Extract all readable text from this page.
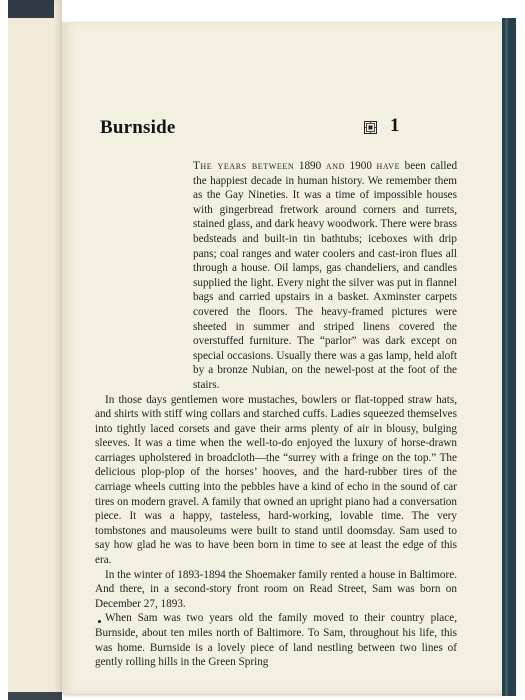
Burnside	1

The years between 1890 and 1900 have been called the happiest decade in human history. We remember them as the Gay Nineties. It was a time of impossible houses with gingerbread fretwork around corners and turrets, stained glass, and dark heavy woodwork. There were brass bedsteads and built-in tin bathtubs; iceboxes with drip pans; coal ranges and water coolers and cast-iron flues all through a house. Oil lamps, gas chandeliers, and candles supplied the light. Every night the silver was put in flannel bags and carried upstairs in a basket. Axminster carpets covered the floors. The heavy-framed pictures were sheeted in summer and striped linens covered the overstuffed furniture. The “parlor” was dark except on special occasions. Usually there was a gas lamp, held aloft by a bronze Nubian, on the newel-post at the foot of the stairs.

In those days gentlemen wore mustaches, bowlers or flat-topped straw hats, and shirts with stiff wing collars and starched cuffs. Ladies squeezed themselves into tightly laced corsets and gave their arms plenty of air in blousy, bulging sleeves. It was a time when the well-to-do enjoyed the luxury of horse-drawn carriages upholstered in broadcloth—the “surrey with a fringe on the top.” The delicious plop-plop of the horses’ hooves, and the hard-rubber tires of the carriage wheels cutting into the pebbles have a kind of echo in the sound of car tires on modern gravel. A family that owned an upright piano had a conversation piece. It was a happy, tasteless, hard-working, lovable time. The very tombstones and mausoleums were built to stand until doomsday. Sam used to say how glad he was to have been born in time to see at least the edge of this era.

In the winter of 1893-1894 the Shoemaker family rented a house in Baltimore. And there, in a second-story front room on Read Street, Sam was born on December 27, 1893.

When Sam was two years old the family moved to their country place, Burnside, about ten miles north of Baltimore. To Sam, throughout his life, this was home. Burnside is a lovely piece of land nestling between two lines of gently rolling hills in the Green Spring
